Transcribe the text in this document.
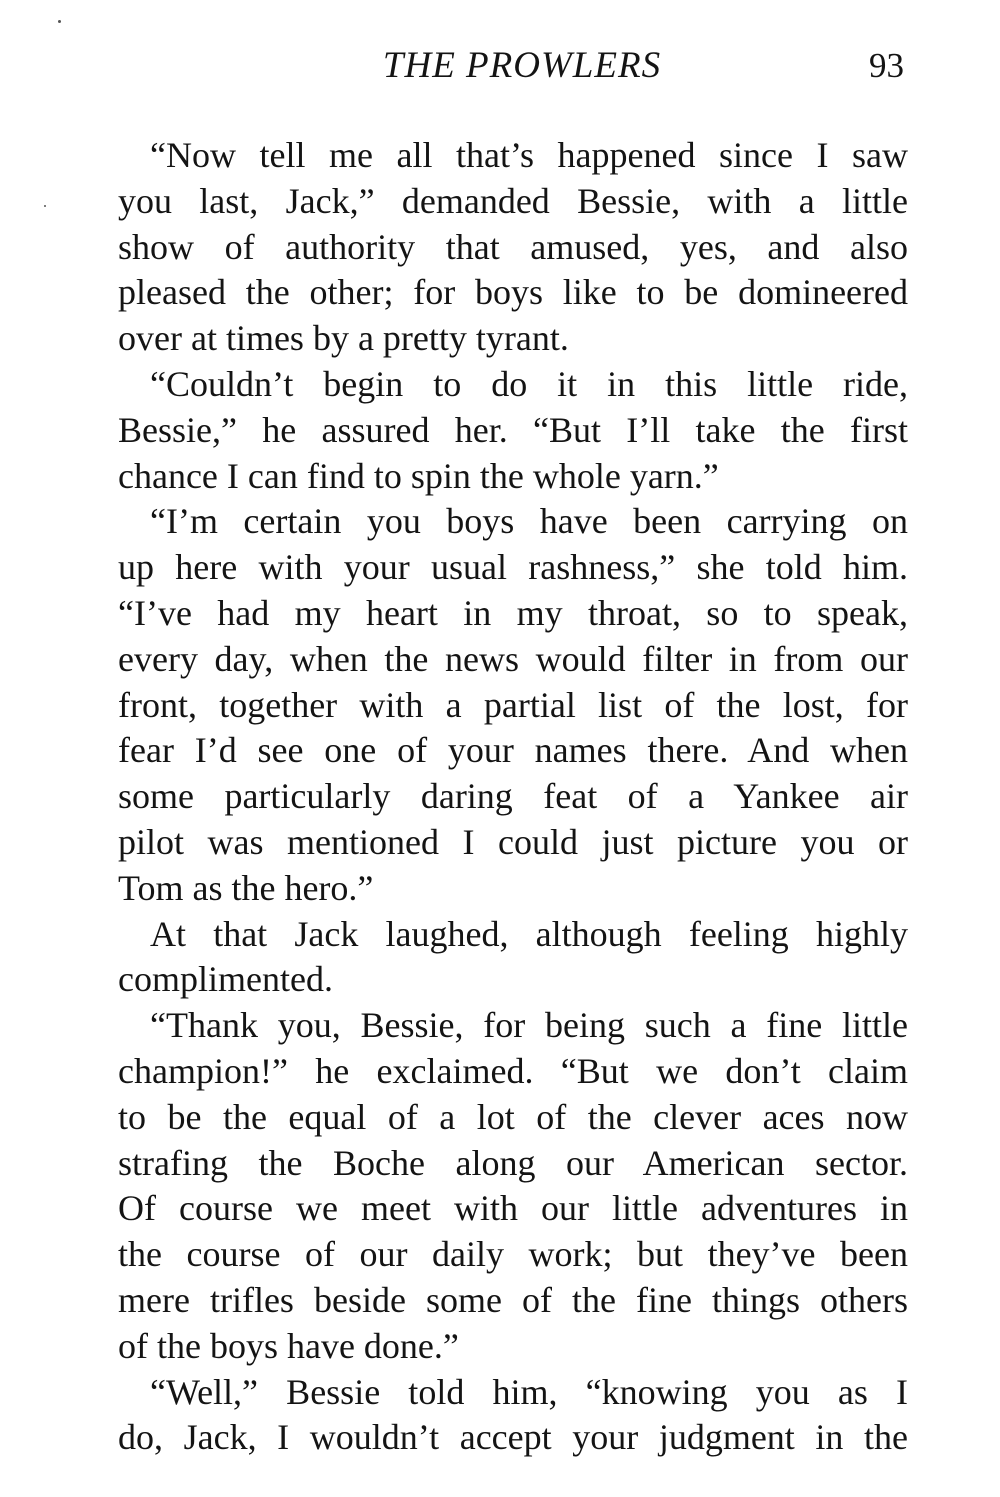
THE PROWLERS	93
“Now tell me all that’s happened since I saw
you last, Jack,” demanded Bessie, with a little
show of authority that amused, yes, and also
pleased the other; for boys like to be domineered
over at times by a pretty tyrant.
“Couldn’t begin to do it in this little ride,
Bessie,” he assured her. “But I’ll take the first
chance I can find to spin the whole yarn.”
“I’m certain you boys have been carrying on
up here with your usual rashness,” she told him.
“I’ve had my heart in my throat, so to speak,
every day, when the news would filter in from our
front, together with a partial list of the lost, for
fear I’d see one of your names there. And when
some particularly daring feat of a Yankee air
pilot was mentioned I could just picture you or
Tom as the hero.”
At that Jack laughed, although feeling highly
complimented.
“Thank you, Bessie, for being such a fine little
champion!” he exclaimed. “But we don’t claim
to be the equal of a lot of the clever aces now
strafing the Boche along our American sector.
Of course we meet with our little adventures in
the course of our daily work; but they’ve been
mere trifles beside some of the fine things others
of the boys have done.”
“Well,” Bessie told him, “knowing you as I
do, Jack, I wouldn’t accept your judgment in the
